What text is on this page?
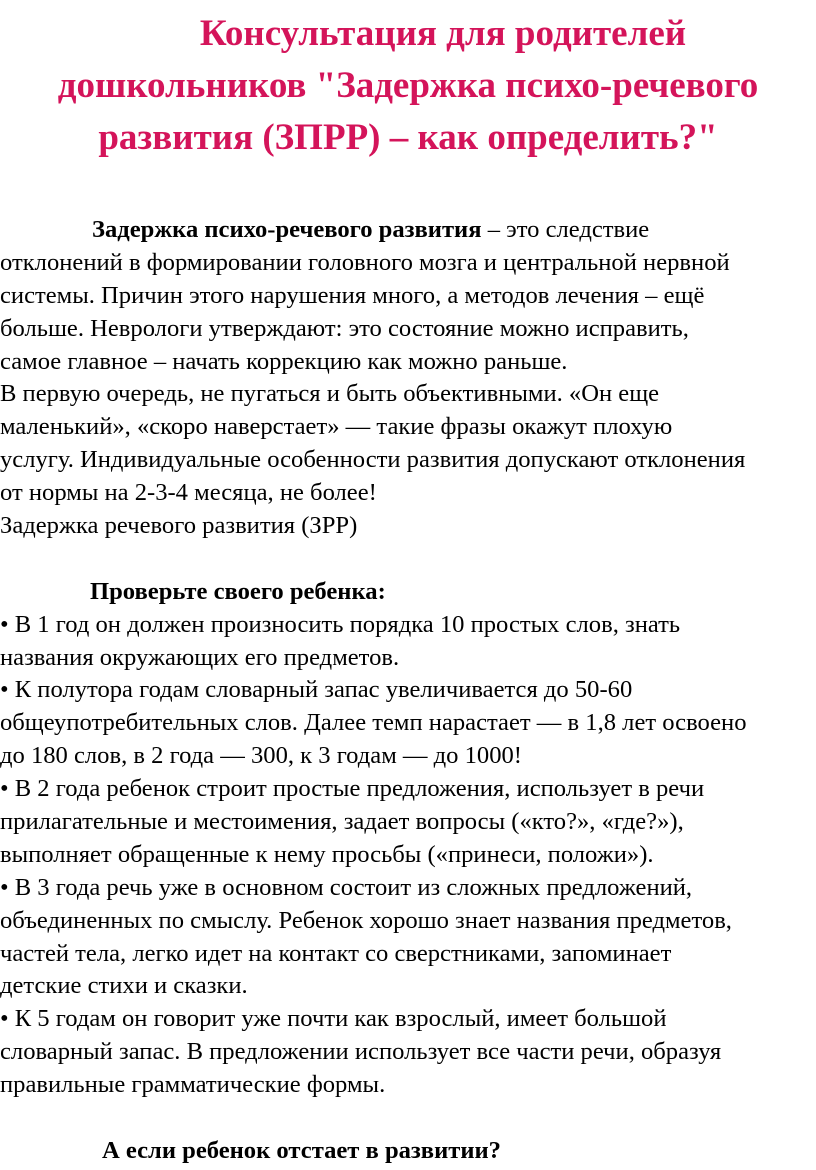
Консультация для родителей
дошкольников "Задержка психо-речевого
развития (ЗПРР) – как определить?"
Задержка психо-речевого развития – это следствие
отклонений в формировании головного мозга и центральной нервной
системы. Причин этого нарушения много, а методов лечения – ещё
больше. Неврологи утверждают: это состояние можно исправить,
самое главное – начать коррекцию как можно раньше.
В первую очередь, не пугаться и быть объективными. «Он еще
маленький», «скоро наверстает» — такие фразы окажут плохую
услугу. Индивидуальные особенности развития допускают отклонения
от нормы на 2-3-4 месяца, не более!
Задержка речевого развития (ЗРР)
Проверьте своего ребенка:
• В 1 год он должен произносить порядка 10 простых слов, знать
названия окружающих его предметов.
• К полутора годам словарный запас увеличивается до 50-60
общеупотребительных слов. Далее темп нарастает — в 1,8 лет освоено
до 180 слов, в 2 года — 300, к 3 годам — до 1000!
• В 2 года ребенок строит простые предложения, использует в речи
прилагательные и местоимения, задает вопросы («кто?», «где?»),
выполняет обращенные к нему просьбы («принеси, положи»).
• В 3 года речь уже в основном состоит из сложных предложений,
объединенных по смыслу. Ребенок хорошо знает названия предметов,
частей тела, легко идет на контакт со сверстниками, запоминает
детские стихи и сказки.
• К 5 годам он говорит уже почти как взрослый, имеет большой
словарный запас. В предложении использует все части речи, образуя
правильные грамматические формы.
А если ребенок отстает в развитии?
